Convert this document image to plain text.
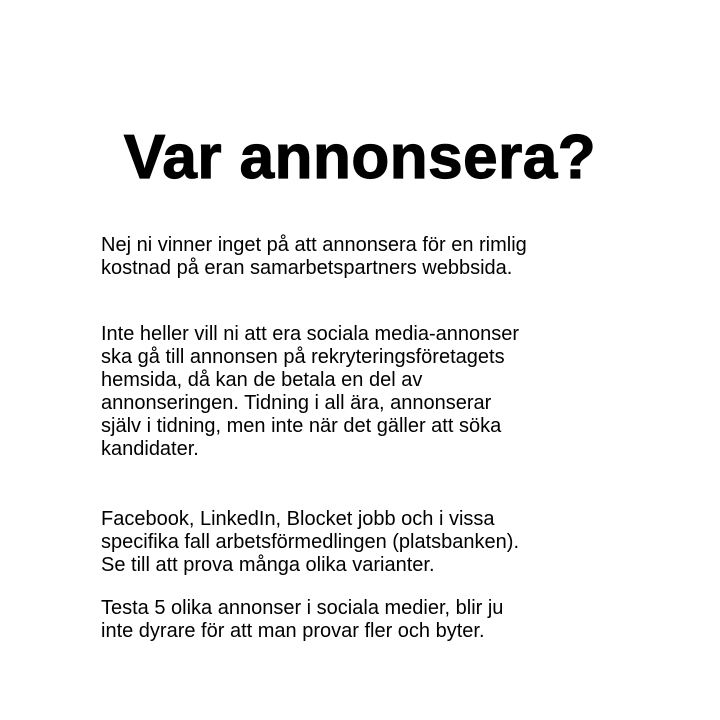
Var annonsera?

Nej ni vinner inget på att annonsera för en rimlig
kostnad på eran samarbetspartners webbsida.

Inte heller vill ni att era sociala media-annonser
ska gå till annonsen på rekryteringsföretagets
hemsida, då kan de betala en del av
annonseringen. Tidning i all ära, annonserar
själv i tidning, men inte när det gäller att söka
kandidater.

Facebook, LinkedIn, Blocket jobb och i vissa
specifika fall arbetsförmedlingen (platsbanken).
Se till att prova många olika varianter.

Testa 5 olika annonser i sociala medier, blir ju
inte dyrare för att man provar fler och byter.
